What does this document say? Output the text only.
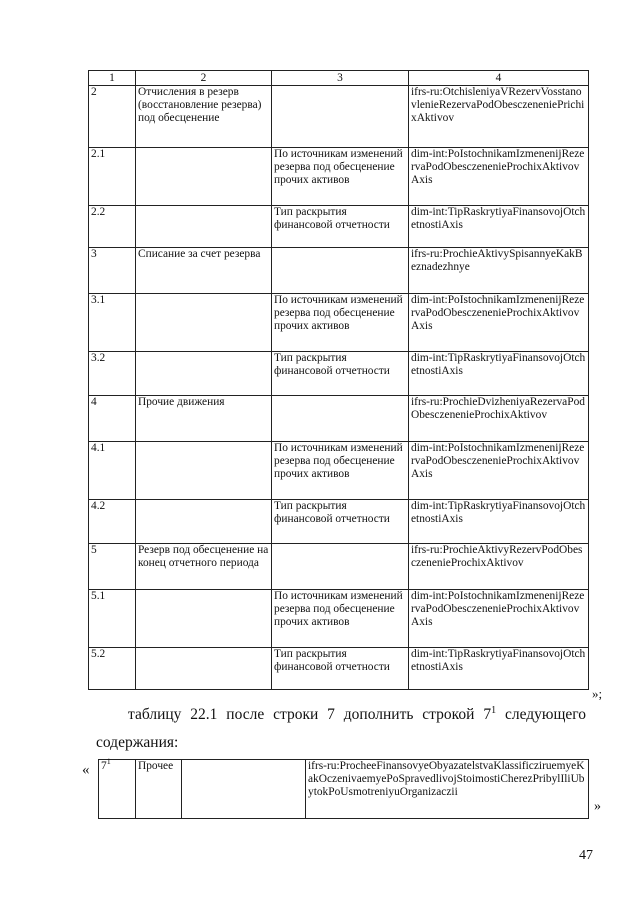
1	2	3	4
2	Отчисления в резерв (восстановление резерва) под обесценение		ifrs-ru:OtchisleniyaVRezervVosstanovlenieRezervaPodObesczeneniePrіchixAktivov
2.1		По источникам изменений резерва под обесценение прочих активов	dim-int:PoIstochnikamIzmenenijRezervaPodObesczenenieProchixAktivovAxis
2.2		Тип раскрытия финансовой отчетности	dim-int:TipRaskrytiyaFinansovojOtchetnostiAxis
3	Списание за счет резерва		ifrs-ru:ProchieAktivySpisannyeKakBeznadezhnye
3.1		По источникам изменений резерва под обесценение прочих активов	dim-int:PoIstochnikamIzmenenijRezervaPodObesczenenieProchixAktivovAxis
3.2		Тип раскрытия финансовой отчетности	dim-int:TipRaskrytiyaFinansovojOtchetnostiAxis
4	Прочие движения		ifrs-ru:ProchieDvizheniyaRezervaPodObesczenenieProchixAktivov
4.1		По источникам изменений резерва под обесценение прочих активов	dim-int:PoIstochnikamIzmenenijRezervaPodObesczenenieProchixAktivovAxis
4.2		Тип раскрытия финансовой отчетности	dim-int:TipRaskrytiyaFinansovojOtchetnostiAxis
5	Резерв под обесценение на конец отчетного периода		ifrs-ru:ProchieAktivyRezervPodObesczenenieProchixAktivov
5.1		По источникам изменений резерва под обесценение прочих активов	dim-int:PoIstochnikamIzmenenijRezervaPodObesczenenieProchixAktivovAxis
5.2		Тип раскрытия финансовой отчетности	dim-int:TipRaskrytiyaFinansovojOtchetnostiAxis
»;
таблицу 22.1 после строки 7 дополнить строкой $7^1$ следующего
содержания:
« $7^1$	Прочее		ifrs-ru:ProcheeFinansovyeObyazatelstvaKlassificziruemyeKakOczenivaemyePoSpravedlivojStoimostiCherezPribylIliUbytokPoUsmotreniyuOrganizaczii
»
47
